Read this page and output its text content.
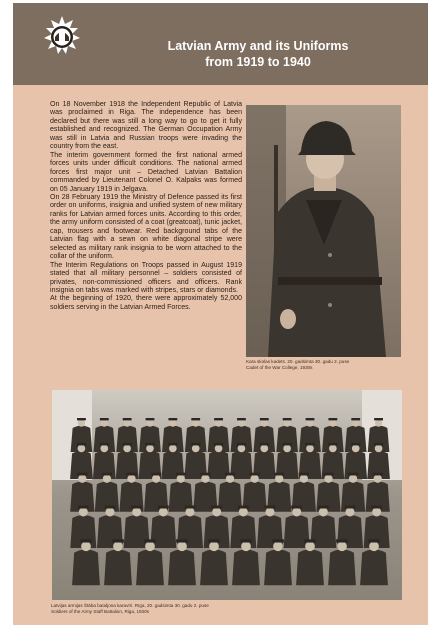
Latvian Army and its Uniforms
from 1919 to 1940

On 18 November 1918 the Independent Republic of Latvia was proclaimed in Riga. The independence has been declared but there was still a long way to go to get it fully established and recognized. The German Occupation Army was still in Latvia and Russian troops were invading the country from the east.

The interim government formed the first national armed forces units under difficult conditions. The national armed forces first major unit – Detached Latvian Battalion commanded by Lieutenant Colonel O. Kalpaks was formed on 05 January 1919 in Jelgava.

On 28 February 1919 the Ministry of Defence passed its first order on uniforms, insignia and unified system of new military ranks for Latvian armed forces units. According to this order, the army uniform consisted of a coat (greatcoat), tunic jacket, cap, trousers and footwear. Red background tabs of the Latvian flag with a sewn on white diagonal stripe were selected as military rank insignia to be worn attached to the collar of the uniform.

The Interim Regulations on Troops passed in August 1919 stated that all military personnel – soldiers consisted of privates, non-commissioned officers and officers. Rank insignia on tabs was marked with stripes, stars or diamonds.

At the beginning of 1920, there were approximately 52,000 soldiers serving in the Latvian Armed Forces.

Kara skolas kadets. 20. gadsimta 30. gadu 2. puse
Cadet of the War College, 1930s
Latvijas armijas Štāba bataljona karavīri. Rīga, 20. gadsimta 30. gadu 2. puse
Soldiers of the Army Staff Battalion, Riga, 1930s
